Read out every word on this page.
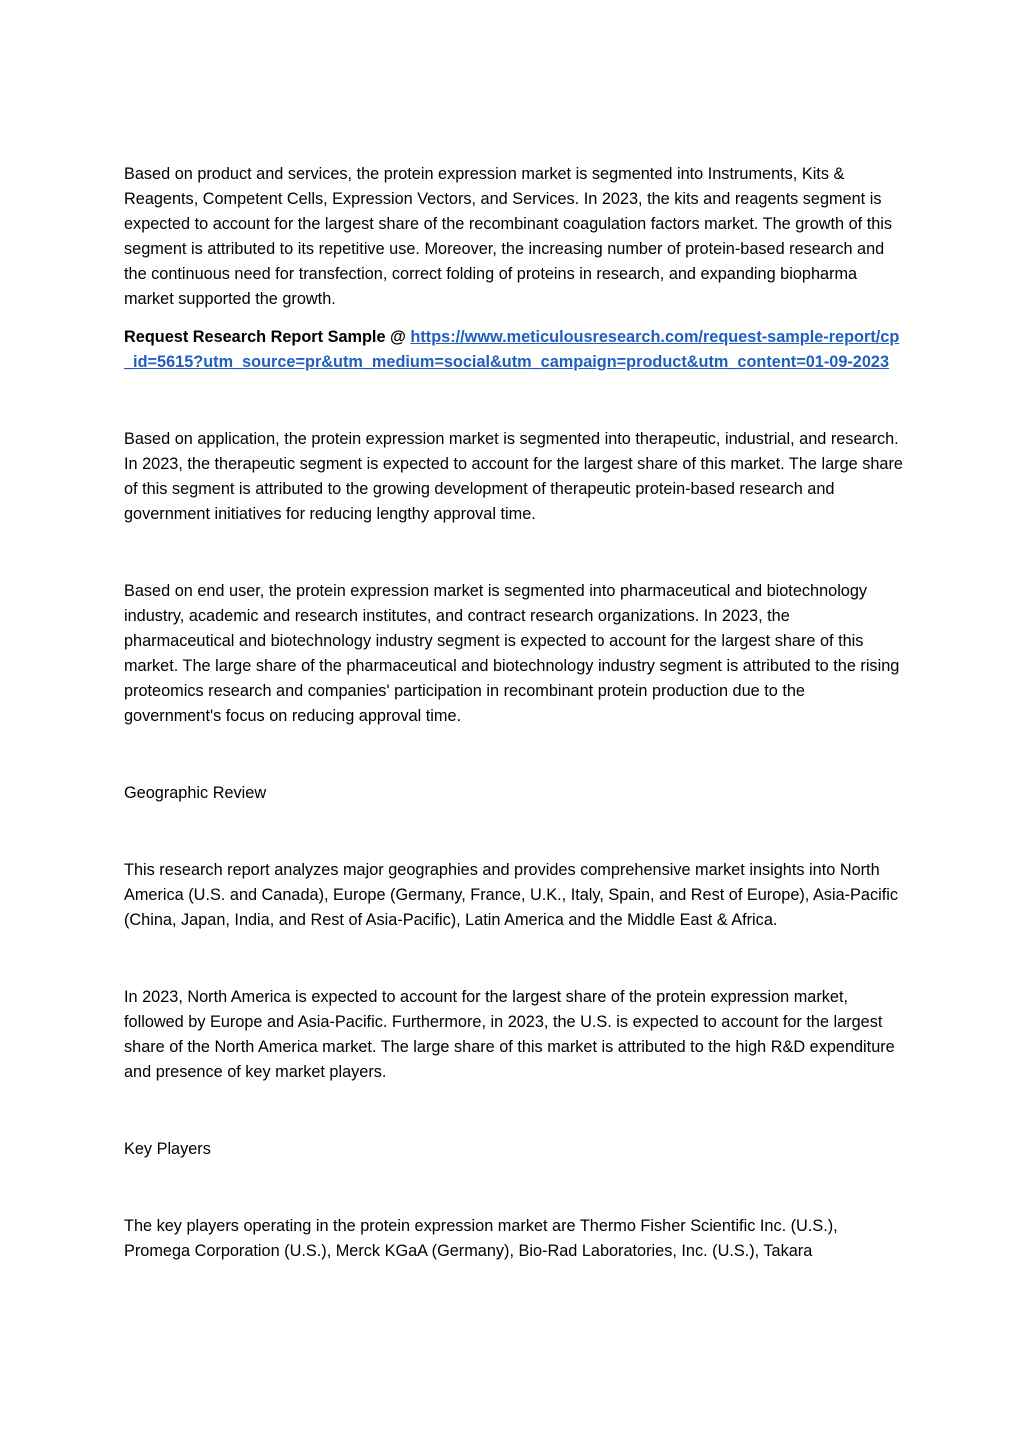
Based on product and services, the protein expression market is segmented into Instruments, Kits & Reagents, Competent Cells, Expression Vectors, and Services. In 2023, the kits and reagents segment is expected to account for the largest share of the recombinant coagulation factors market. The growth of this segment is attributed to its repetitive use. Moreover, the increasing number of protein-based research and the continuous need for transfection, correct folding of proteins in research, and expanding biopharma market supported the growth.

Request Research Report Sample @ https://www.meticulousresearch.com/request-sample-report/cp_id=5615?utm_source=pr&utm_medium=social&utm_campaign=product&utm_content=01-09-2023

Based on application, the protein expression market is segmented into therapeutic, industrial, and research. In 2023, the therapeutic segment is expected to account for the largest share of this market. The large share of this segment is attributed to the growing development of therapeutic protein-based research and government initiatives for reducing lengthy approval time.

Based on end user, the protein expression market is segmented into pharmaceutical and biotechnology industry, academic and research institutes, and contract research organizations. In 2023, the pharmaceutical and biotechnology industry segment is expected to account for the largest share of this market. The large share of the pharmaceutical and biotechnology industry segment is attributed to the rising proteomics research and companies' participation in recombinant protein production due to the government's focus on reducing approval time.

Geographic Review

This research report analyzes major geographies and provides comprehensive market insights into North America (U.S. and Canada), Europe (Germany, France, U.K., Italy, Spain, and Rest of Europe), Asia-Pacific (China, Japan, India, and Rest of Asia-Pacific), Latin America and the Middle East & Africa.

In 2023, North America is expected to account for the largest share of the protein expression market, followed by Europe and Asia-Pacific. Furthermore, in 2023, the U.S. is expected to account for the largest share of the North America market. The large share of this market is attributed to the high R&D expenditure and presence of key market players.

Key Players

The key players operating in the protein expression market are Thermo Fisher Scientific Inc. (U.S.), Promega Corporation (U.S.), Merck KGaA (Germany), Bio-Rad Laboratories, Inc. (U.S.), Takara
